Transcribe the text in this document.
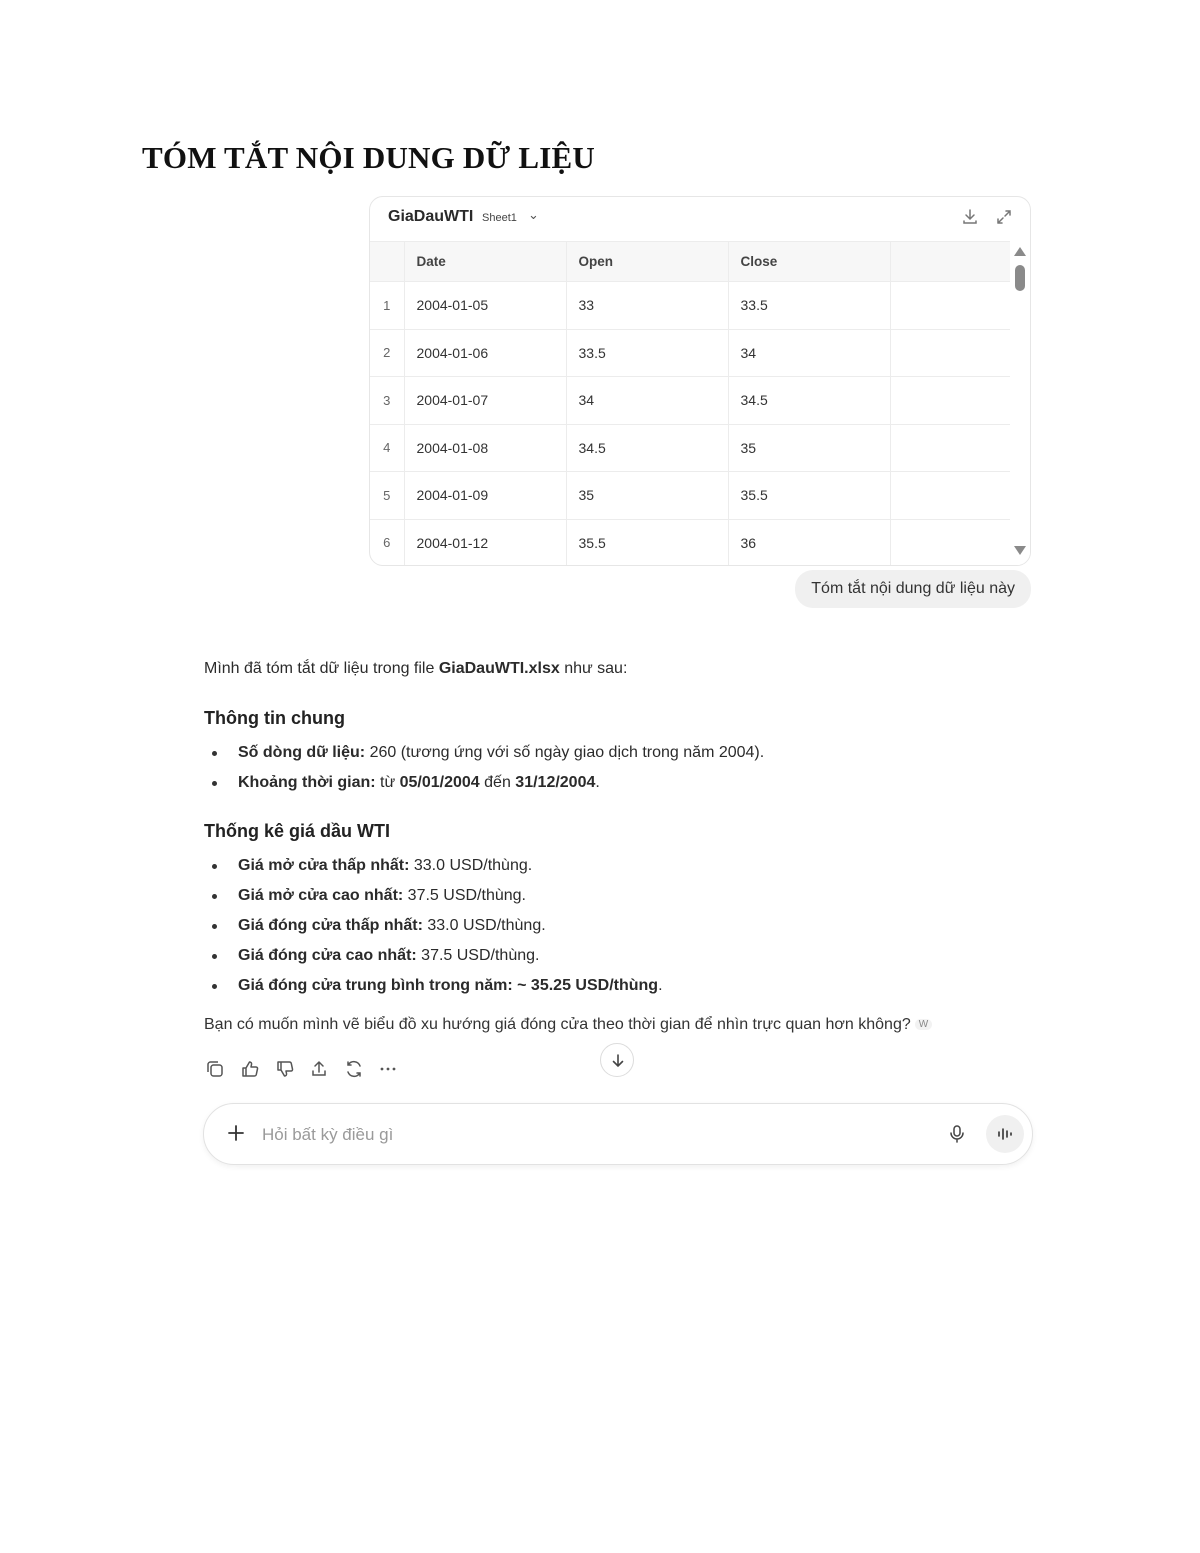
TÓM TẮT NỘI DUNG DỮ LIỆU
GiaDauWTI Sheet1 ⌄
	Date	Open	Close	
1	2004-01-05	33	33.5	
2	2004-01-06	33.5	34	
3	2004-01-07	34	34.5	
4	2004-01-08	34.5	35	
5	2004-01-09	35	35.5	
6	2004-01-12	35.5	36	
Tóm tắt nội dung dữ liệu này

Mình đã tóm tắt dữ liệu trong file GiaDauWTI.xlsx như sau:

Thông tin chung
Số dòng dữ liệu: 260 (tương ứng với số ngày giao dịch trong năm 2004).
Khoảng thời gian: từ 05/01/2004 đến 31/12/2004.
Thống kê giá dầu WTI
Giá mở cửa thấp nhất: 33.0 USD/thùng.
Giá mở cửa cao nhất: 37.5 USD/thùng.
Giá đóng cửa thấp nhất: 33.0 USD/thùng.
Giá đóng cửa cao nhất: 37.5 USD/thùng.
Giá đóng cửa trung bình trong năm: ~ 35.25 USD/thùng.

Bạn có muốn mình vẽ biểu đồ xu hướng giá đóng cửa theo thời gian để nhìn trực quan hơn không? W

Hỏi bất kỳ điều gì
